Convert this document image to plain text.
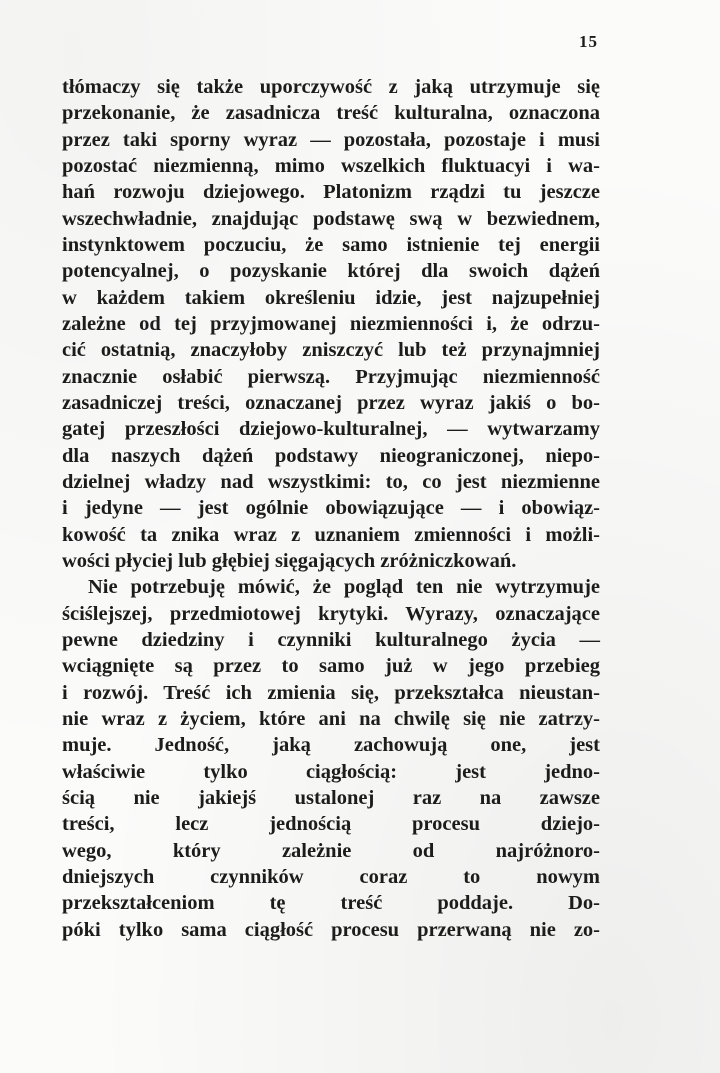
15
tłómaczy się także uporczywość z jaką utrzymuje się
przekonanie, że zasadnicza treść kulturalna, oznaczona
przez taki sporny wyraz — pozostała, pozostaje i musi
pozostać niezmienną, mimo wszelkich fluktuacyi i wa-
hań rozwoju dziejowego. Platonizm rządzi tu jeszcze
wszechwładnie, znajdując podstawę swą w bezwiednem,
instynktowem poczuciu, że samo istnienie tej energii
potencyalnej, o pozyskanie której dla swoich dążeń
w każdem takiem określeniu idzie, jest najzupełniej
zależne od tej przyjmowanej niezmienności i, że odrzu-
cić ostatnią, znaczyłoby zniszczyć lub też przynajmniej
znacznie osłabić pierwszą. Przyjmując niezmienność
zasadniczej treści, oznaczanej przez wyraz jakiś o bo-
gatej przeszłości dziejowo-kulturalnej, — wytwarzamy
dla naszych dążeń podstawy nieograniczonej, niepo-
dzielnej władzy nad wszystkimi: to, co jest niezmienne
i jedyne — jest ogólnie obowiązujące — i obowiąz-
kowość ta znika wraz z uznaniem zmienności i możli-
wości płyciej lub głębiej sięgających zróżniczkowań.
Nie potrzebuję mówić, że pogląd ten nie wytrzymuje
ściślejszej, przedmiotowej krytyki. Wyrazy, oznaczające
pewne dziedziny i czynniki kulturalnego życia —
wciągnięte są przez to samo już w jego przebieg
i rozwój. Treść ich zmienia się, przekształca nieustan-
nie wraz z życiem, które ani na chwilę się nie zatrzy-
muje. Jedność, jaką zachowują one, jest
właściwie tylko ciągłością: jest jedno-
ścią nie jakiejś ustalonej raz na zawsze
treści, lecz jednością procesu dziejo-
wego, który zależnie od najróżnoro-
dniejszych czynników coraz to nowym
przekształceniom tę treść poddaje. Do-
póki tylko sama ciągłość procesu przerwaną nie zo-
